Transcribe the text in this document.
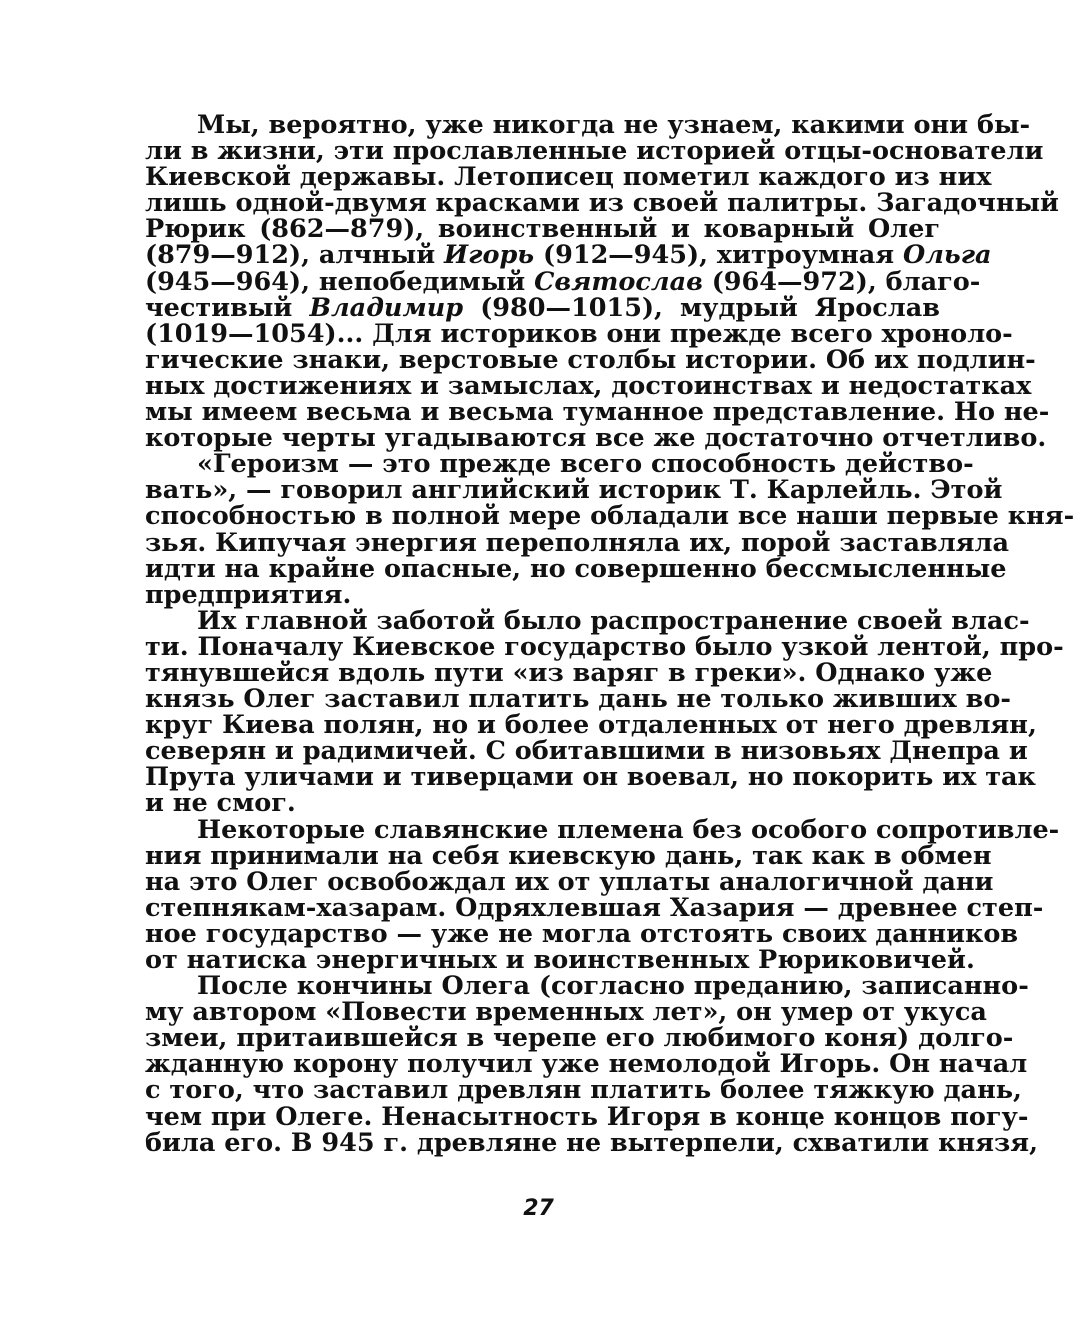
Мы, вероятно, уже никогда не узнаем, какими они бы-
ли в жизни, эти прославленные историей отцы-основатели
Киевской державы. Летописец пометил каждого из них
лишь одной-двумя красками из своей палитры. Загадочный
Рюрик (862—879), воинственный и коварный Олег
(879—912), алчный Игорь (912—945), хитроумная Ольга
(945—964), непобедимый Святослав (964—972), благо-
честивый Владимир (980—1015), мудрый Ярослав
(1019—1054)... Для историков они прежде всего хроноло-
гические знаки, верстовые столбы истории. Об их подлин-
ных достижениях и замыслах, достоинствах и недостатках
мы имеем весьма и весьма туманное представление. Но не-
которые черты угадываются все же достаточно отчетливо.
«Героизм — это прежде всего способность действо-
вать», — говорил английский историк Т. Карлейль. Этой
способностью в полной мере обладали все наши первые кня-
зья. Кипучая энергия переполняла их, порой заставляла
идти на крайне опасные, но совершенно бессмысленные
предприятия.
Их главной заботой было распространение своей влас-
ти. Поначалу Киевское государство было узкой лентой, про-
тянувшейся вдоль пути «из варяг в греки». Однако уже
князь Олег заставил платить дань не только живших во-
круг Киева полян, но и более отдаленных от него древлян,
северян и радимичей. С обитавшими в низовьях Днепра и
Прута уличами и тиверцами он воевал, но покорить их так
и не смог.
Некоторые славянские племена без особого сопротивле-
ния принимали на себя киевскую дань, так как в обмен
на это Олег освобождал их от уплаты аналогичной дани
степнякам-хазарам. Одряхлевшая Хазария — древнее степ-
ное государство — уже не могла отстоять своих данников
от натиска энергичных и воинственных Рюриковичей.
После кончины Олега (согласно преданию, записанно-
му автором «Повести временных лет», он умер от укуса
змеи, притаившейся в черепе его любимого коня) долго-
жданную корону получил уже немолодой Игорь. Он начал
с того, что заставил древлян платить более тяжкую дань,
чем при Олеге. Ненасытность Игоря в конце концов погу-
била его. В 945 г. древляне не вытерпели, схватили князя,
27
